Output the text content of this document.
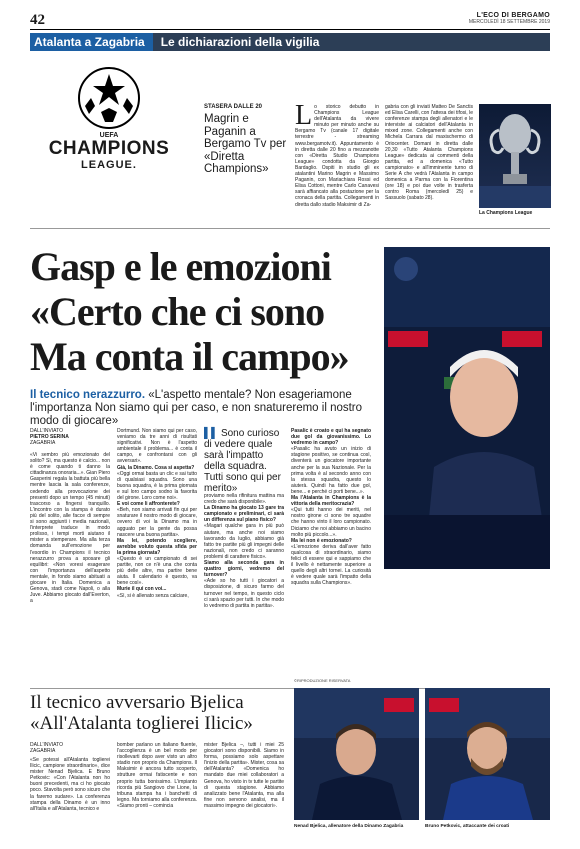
42	L'ECO DI BERGAMO
MERCOLEDÌ 18 SETTEMBRE 2019
Atalanta a Zagabria	Le dichiarazioni della vigilia
UEFA
CHAMPIONS
LEAGUE.
STASERA DALLE 20
Magrin e Paganin a Bergamo Tv per «Diretta Champions»
Lo storico debutto in Champions League dell'Atalanta da vivere minuto per minuto anche su Bergamo Tv (canale 17 digitale terrestre - streaming www.bergamotv.it). Appuntamento è in diretta dalle 20 fino a mezzanotte con «Diretta Studio Champions League» condotta da Giorgio Bardaglio. Ospiti in studio gli ex atalantini Marino Magrin e Massimo Paganin, con Mariachiara Rossi ed Elisa Cottoni, mentre Carlo Canavesi sarà affiancato alla postazione per la cronaca della partita. Collegamenti in diretta dallo stadio Maksimir di Za-
gabria con gli inviati Matteo De Sanctis ed Elisa Carelli, con l'attesa dei tifosi, le conferenze stampa degli allenatori e le interviste ai calciatori dell'Atalanta in mixed zone. Collegamenti anche con Michela Carrara dal maxischermo di Oriocenter. Domani in diretta dalle 20,30 «Tutto Atalanta Champions League» dedicata ai commenti della partita, ed a domenica «Tutto campionato» e all'imminente turno di Serie A che vedrà l'Atalanta in campo domenica a Parma con la Fiorentina (ore 18) e poi due volte in trasferta contro Roma (mercoledì 25) e Sassuolo (sabato 28).
La Champions League
Gasp e le emozioni
«Certo che ci sono
Ma conta il campo»
Il tecnico nerazzurro. «L'aspetto mentale? Non esageriamone l'importanza Non siamo qui per caso, e non snatureremo il nostro modo di giocare»
DALL'INVIATO
PIETRO SERINA
ZAGABRIA
«Vi sembro più emozionato del solito? Sì, ma questo è calcio... non è come quando ti danno la cittadinanza onoraria...». Gian Piero Gasperini regala la battuta più bella mentre lascia la sala conferenze, cedendo alla provocazione dei presenti dopo un tempo (45 minuti) trascorso a fingersi tranquillo. L'incontro con la stampa è durato più del solito, alle facce di sempre si sono aggiunti i media nazionali, l'interprete traduce in modo prolisso, i tempi morti aiutano il mister a stemperare. Ma alla terza domanda sull'emozione per l'esordio in Champions il tecnico nerazzurro prova a sposare gli equilibri: «Non voresi esagerare con l'importanza dell'aspetto mentale, in fondo siamo abituati a giocare in Italia. Domenica a Genova, stadi come Napoli, o alla Juve. Abbiamo giocato dall'Everton, a

Dortmund. Non siamo qui per caso, veniamo da tre anni di risultati significativi. Non è l'aspetto ambientale il problema... è conta il campo, e confrontarsi con gli avversari».

Già, la Dinamo. Cosa si aspetta?

«Oggi ormai basta un clic e sai tutto di qualsiasi squadra. Sono una buona squadra, è la prima giornata e sul loro campo sodno la favorita del girone. Loro come noi».

E voi come li affronterete?

«Beh, non siamo arrivati fin qui per snaturare il nostro modo di giocare, ovvero di voi la Dinamo ma in agguato per la gente da possa nascere una buona partita».

Ma lei, potendo scegliere, avrebbe voluto questa sfida per la prima giornata?

«Questo è un campionato di sei partite, non ce n'è una che conta più delle altre, ma partire bene aiuta. Il calendario è questo, va bene così».

Murie il qui con voi...

«Sì, si è allenato senza calciare,

▌▌ Sono curioso di vedere quale sarà l'impatto della squadra. Tutti sono qui per merito»

proviamo nella rifinitura mattina ma credo che sarà disponibile».

La Dinamo ha giocato 13 gare tra campionato e preliminari, ci sarà un differenza sul piano fisico?

«Magari qualche gara in più può aiutare, ma anche noi siamo lavorando da luglio, abbiamo già fatto tre partite più gli impegni delle nazionali, non credo ci saranno problemi di carattere fisico».

Siamo alla seconda gara in quattro giorni, vedremo del turnover?

«Ade so ho tutti i giocatori a disposizione, di sicuro farmo del turnover nel tempo, in questo ciclo ci sarà spazio per tutti. In che modo lo vedremo di partita in partita».

Pasalic è croato e qui ha segnato due gol da giovanissimo. Lo vedremo in campo?

«Pasalic ha avuto un inizio di stagione positivo, se continua così, diventerà un giocatore importante anche per la sua Nazionale. Per la prima volta è al secondo anno con la stessa squadra, questo lo aiuterà. Quindi ha fatto due gol, bene... e perché ci porti bene...».

Ma l'Atalanta in Champions è la vittoria della meritocrazia?

«Qui tutti hanno dei meriti, nel nostro girone ci sono tre squadre che hanno vinto il loro campionato. Diciamo che noi abbiamo un bacino molto più piccolo...».

Ma lei non è emozionato?

«L'emozione deriva dall'aver fatto qualcosa di straordinario, siamo felici di essere qui e sappiamo che il livello è nettamente superiore a quello degli altri tornei. La curiosità è vedere quale sarà l'impatto della squadra sulla Champions».

©RIPRODUZIONE RISERVATA
Il tecnico avversario Bjelica
«All'Atalanta toglierei Ilicic»
DALL'INVIATO
ZAGABRIA
«Se potessi all'Atalanta toglierei Ilicic, campione straordinario», dice mister Nenad Bjelica. E Bruno Petkovic: «Con l'Atalanta non ho buoni precedenti, ma ci ho giocato poco. Stavolta però sono sicuro che la faremo sudare». La conferenza stampa della Dinamo è un inno all'Italia e all'Atalanta, tecnico e
bomber parlano un italiano fluente, l'accoglienza è un bel modo per risollevarti dopo aver visto un altro stadio non proprio da Champions. Il Maksimir è ancora tutto scoperto, strutture ormai fatiscente e non proprio tutta bonissimo. L'impianto ricorda più Sangiovo che Lione, la tribuna stampa ha i banchetti di legno. Ma torniamo alla conferenza. «Siamo pronti – comincia
mister Bjelica –, tutti i miei 25 giocatori sono disponibili. Siamo in forma, possiamo solo aspettare l'inizio della partita». Mister, cosa sa dell'Atalanta? «Domenica ho mandato due miei collaboratori a Genova, ho visto in tv tutte le partite di questa stagione. Abbiamo analizzato bene l'Atalanta, ma alla fine non servono analisi, ma il massimo impegno dei giocatori».
Nenad Bjelica, allenatore della Dinamo Zagabria	Bruno Petkovic, attaccante dei croati
